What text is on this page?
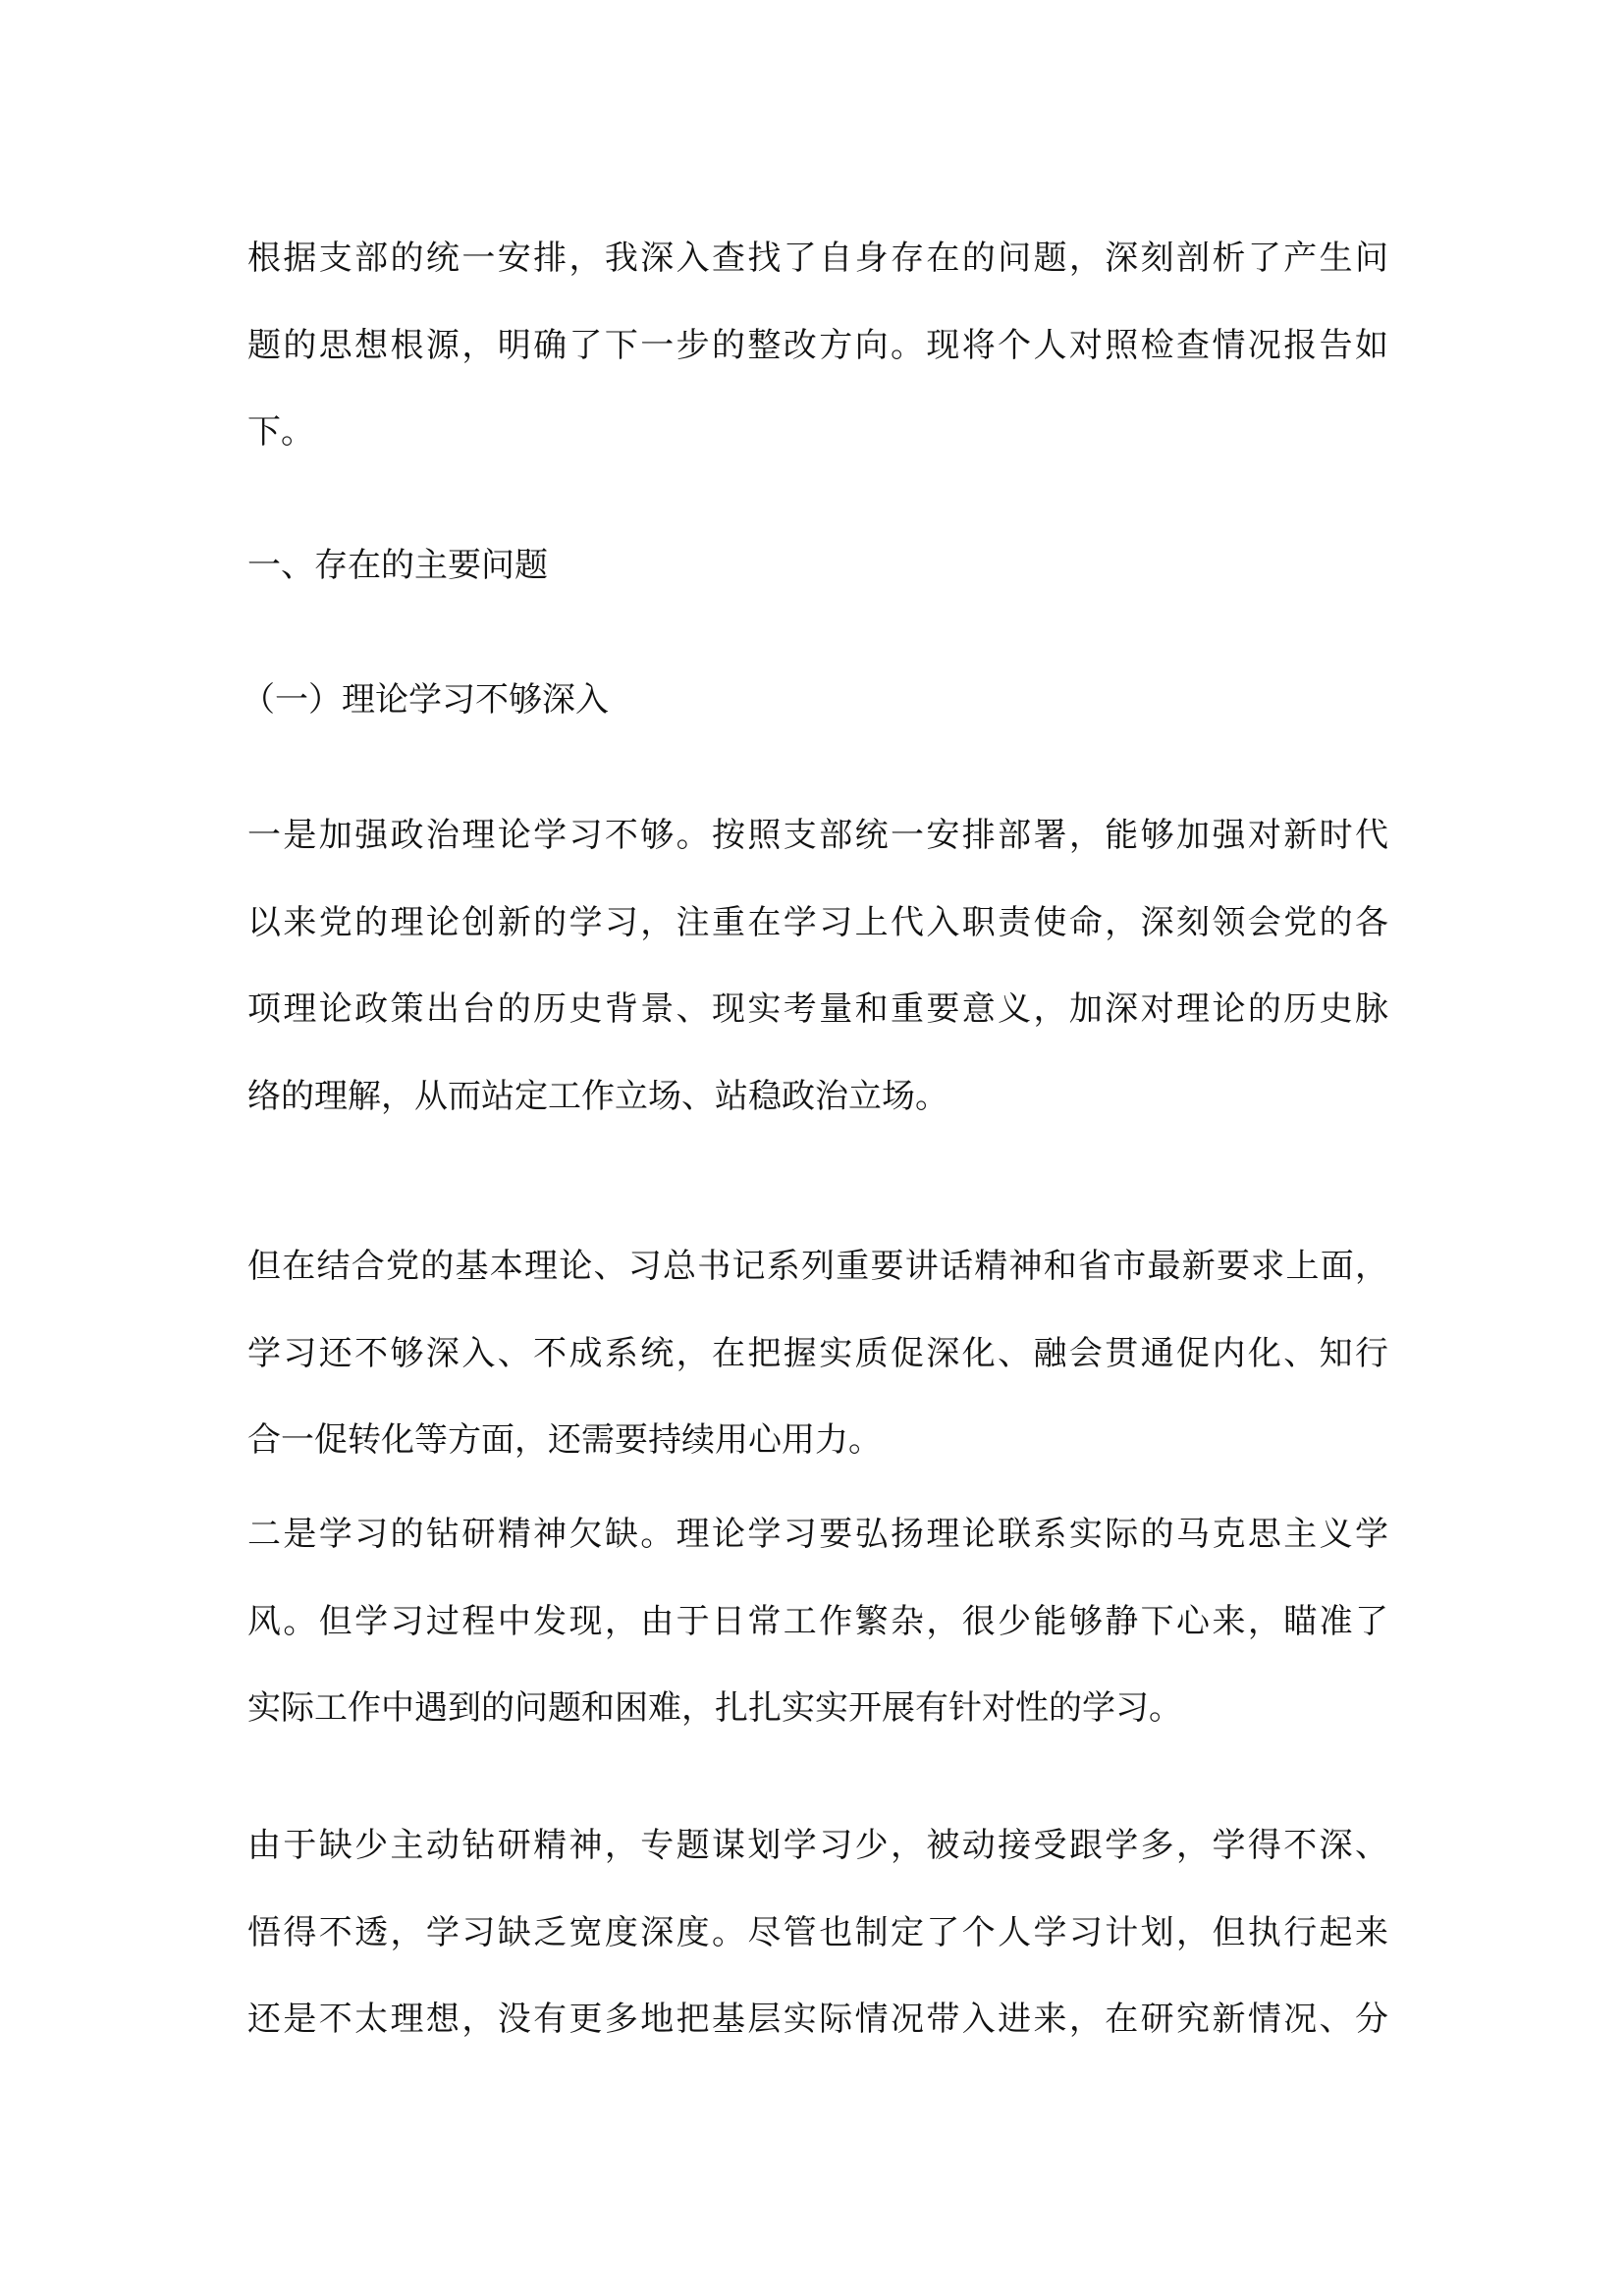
根据支部的统一安排，我深入查找了自身存在的问题，深刻剖析了产生问
题的思想根源，明确了下一步的整改方向。现将个人对照检查情况报告如
下。
一、存在的主要问题
（一）理论学习不够深入
一是加强政治理论学习不够。按照支部统一安排部署，能够加强对新时代
以来党的理论创新的学习，注重在学习上代入职责使命，深刻领会党的各
项理论政策出台的历史背景、现实考量和重要意义，加深对理论的历史脉
络的理解，从而站定工作立场、站稳政治立场。
但在结合党的基本理论、习总书记系列重要讲话精神和省市最新要求上面，
学习还不够深入、不成系统，在把握实质促深化、融会贯通促内化、知行
合一促转化等方面，还需要持续用心用力。
二是学习的钻研精神欠缺。理论学习要弘扬理论联系实际的马克思主义学
风。但学习过程中发现，由于日常工作繁杂，很少能够静下心来，瞄准了
实际工作中遇到的问题和困难，扎扎实实开展有针对性的学习。
由于缺少主动钻研精神，专题谋划学习少，被动接受跟学多，学得不深、
悟得不透，学习缺乏宽度深度。尽管也制定了个人学习计划，但执行起来
还是不太理想，没有更多地把基层实际情况带入进来，在研究新情况、分
